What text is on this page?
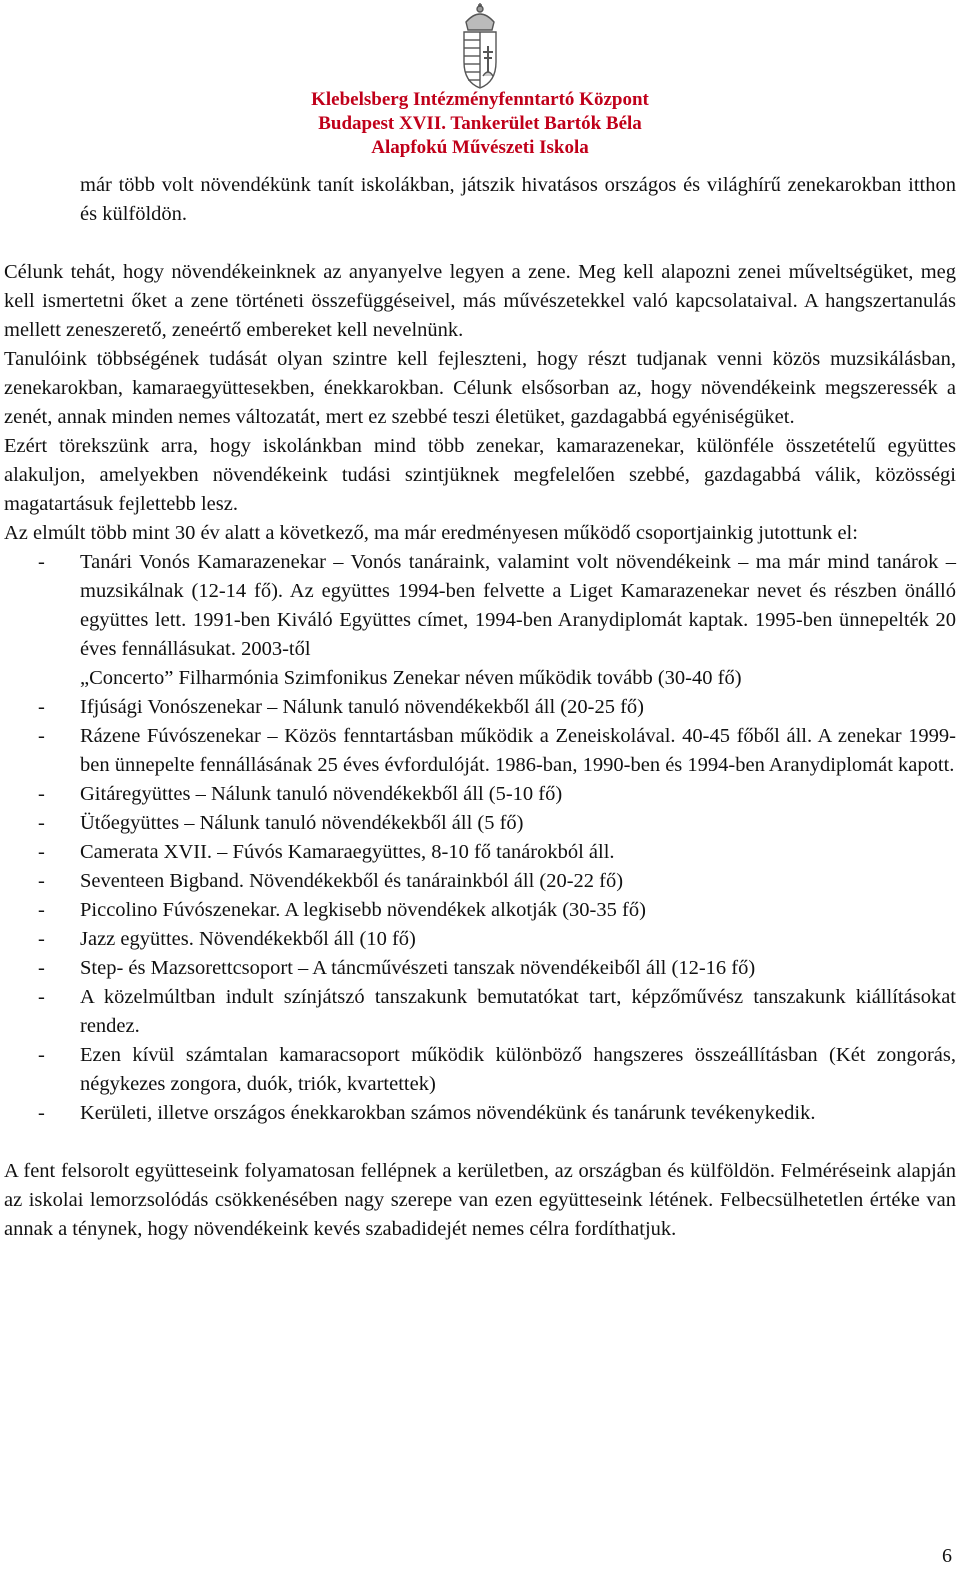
Klebelsberg Intézményfenntartó Központ
Budapest XVII. Tankerület Bartók Béla
Alapfokú Művészeti Iskola

már több volt növendékünk tanít iskolákban, játszik hivatásos országos és világhírű zenekarokban itthon és külföldön.

Célunk tehát, hogy növendékeinknek az anyanyelve legyen a zene. Meg kell alapozni zenei műveltségüket, meg kell ismertetni őket a zene történeti összefüggéseivel, más művészetekkel való kapcsolataival. A hangszertanulás mellett zeneszerető, zeneértő embereket kell nevelnünk.

Tanulóink többségének tudását olyan szintre kell fejleszteni, hogy részt tudjanak venni közös muzsikálásban, zenekarokban, kamaraegyüttesekben, énekkarokban. Célunk elsősorban az, hogy növendékeink megszeressék a zenét, annak minden nemes változatát, mert ez szebbé teszi életüket, gazdagabbá egyéniségüket.

Ezért törekszünk arra, hogy iskolánkban mind több zenekar, kamarazenekar, különféle összetételű együttes alakuljon, amelyekben növendékeink tudási szintjüknek megfelelően szebbé, gazdagabbá válik, közösségi magatartásuk fejlettebb lesz.

Az elmúlt több mint 30 év alatt a következő, ma már eredményesen működő csoportjainkig jutottunk el:

- Tanári Vonós Kamarazenekar – Vonós tanáraink, valamint volt növendékeink – ma már mind tanárok – muzsikálnak (12-14 fő). Az együttes 1994-ben felvette a Liget Kamarazenekar nevet és részben önálló együttes lett. 1991-ben Kiváló Együttes címet, 1994-ben Aranydiplomát kaptak. 1995-ben ünnepelték 20 éves fennállásukat. 2003-től
„Concerto” Filharmónia Szimfonikus Zenekar néven működik tovább (30-40 fő)
- Ifjúsági Vonószenekar – Nálunk tanuló növendékekből áll (20-25 fő)
- Rázene Fúvószenekar – Közös fenntartásban működik a Zeneiskolával. 40-45 főből áll. A zenekar 1999-ben ünnepelte fennállásának 25 éves évfordulóját. 1986-ban, 1990-ben és 1994-ben Aranydiplomát kapott.
- Gitáregyüttes – Nálunk tanuló növendékekből áll (5-10 fő)
- Ütőegyüttes – Nálunk tanuló növendékekből áll (5 fő)
- Camerata XVII. – Fúvós Kamaraegyüttes, 8-10 fő tanárokból áll.
- Seventeen Bigband. Növendékekből és tanárainkból áll (20-22 fő)
- Piccolino Fúvószenekar. A legkisebb növendékek alkotják (30-35 fő)
- Jazz együttes. Növendékekből áll (10 fő)
- Step- és Mazsorettcsoport – A táncművészeti tanszak növendékeiből áll (12-16 fő)
- A közelmúltban indult színjátszó tanszakunk bemutatókat tart, képzőművész tanszakunk kiállításokat rendez.
- Ezen kívül számtalan kamaracsoport működik különböző hangszeres összeállításban (Két zongorás, négykezes zongora, duók, triók, kvartettek)
- Kerületi, illetve országos énekkarokban számos növendékünk és tanárunk tevékenykedik.

A fent felsorolt együtteseink folyamatosan fellépnek a kerületben, az országban és külföldön. Felméréseink alapján az iskolai lemorzsolódás csökkenésében nagy szerepe van ezen együtteseink létének. Felbecsülhetetlen értéke van annak a ténynek, hogy növendékeink kevés szabadidejét nemes célra fordíthatjuk.

6
